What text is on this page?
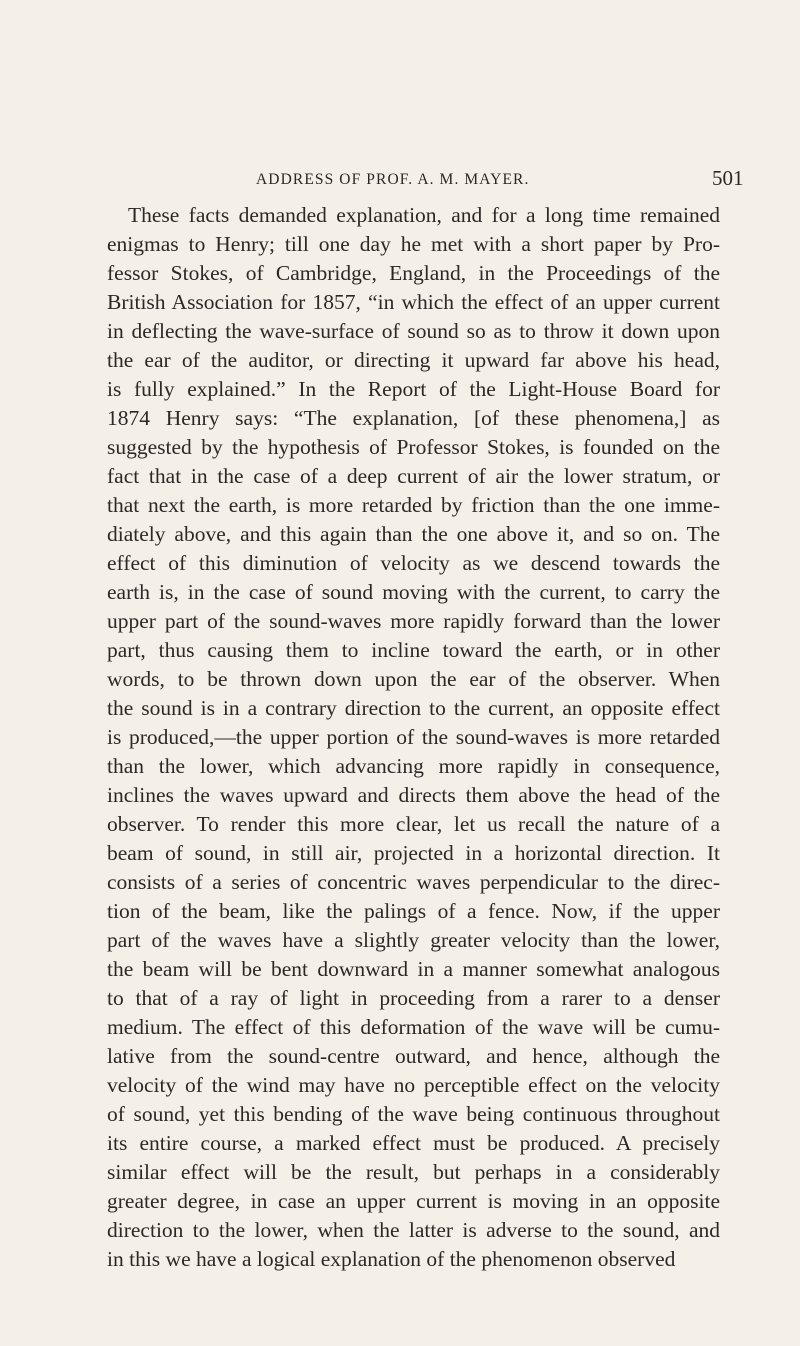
ADDRESS OF PROF. A. M. MAYER.	501
These facts demanded explanation, and for a long time remained
enigmas to Henry; till one day he met with a short paper by Pro-
fessor Stokes, of Cambridge, England, in the Proceedings of the
British Association for 1857, “in which the effect of an upper current
in deflecting the wave-surface of sound so as to throw it down upon
the ear of the auditor, or directing it upward far above his head,
is fully explained.” In the Report of the Light-House Board for
1874 Henry says: “The explanation, [of these phenomena,] as
suggested by the hypothesis of Professor Stokes, is founded on the
fact that in the case of a deep current of air the lower stratum, or
that next the earth, is more retarded by friction than the one imme-
diately above, and this again than the one above it, and so on. The
effect of this diminution of velocity as we descend towards the
earth is, in the case of sound moving with the current, to carry the
upper part of the sound-waves more rapidly forward than the lower
part, thus causing them to incline toward the earth, or in other
words, to be thrown down upon the ear of the observer. When
the sound is in a contrary direction to the current, an opposite effect
is produced,—the upper portion of the sound-waves is more retarded
than the lower, which advancing more rapidly in consequence,
inclines the waves upward and directs them above the head of the
observer. To render this more clear, let us recall the nature of a
beam of sound, in still air, projected in a horizontal direction. It
consists of a series of concentric waves perpendicular to the direc-
tion of the beam, like the palings of a fence. Now, if the upper
part of the waves have a slightly greater velocity than the lower,
the beam will be bent downward in a manner somewhat analogous
to that of a ray of light in proceeding from a rarer to a denser
medium. The effect of this deformation of the wave will be cumu-
lative from the sound-centre outward, and hence, although the
velocity of the wind may have no perceptible effect on the velocity
of sound, yet this bending of the wave being continuous throughout
its entire course, a marked effect must be produced. A precisely
similar effect will be the result, but perhaps in a considerably
greater degree, in case an upper current is moving in an opposite
direction to the lower, when the latter is adverse to the sound, and
in this we have a logical explanation of the phenomenon observed
